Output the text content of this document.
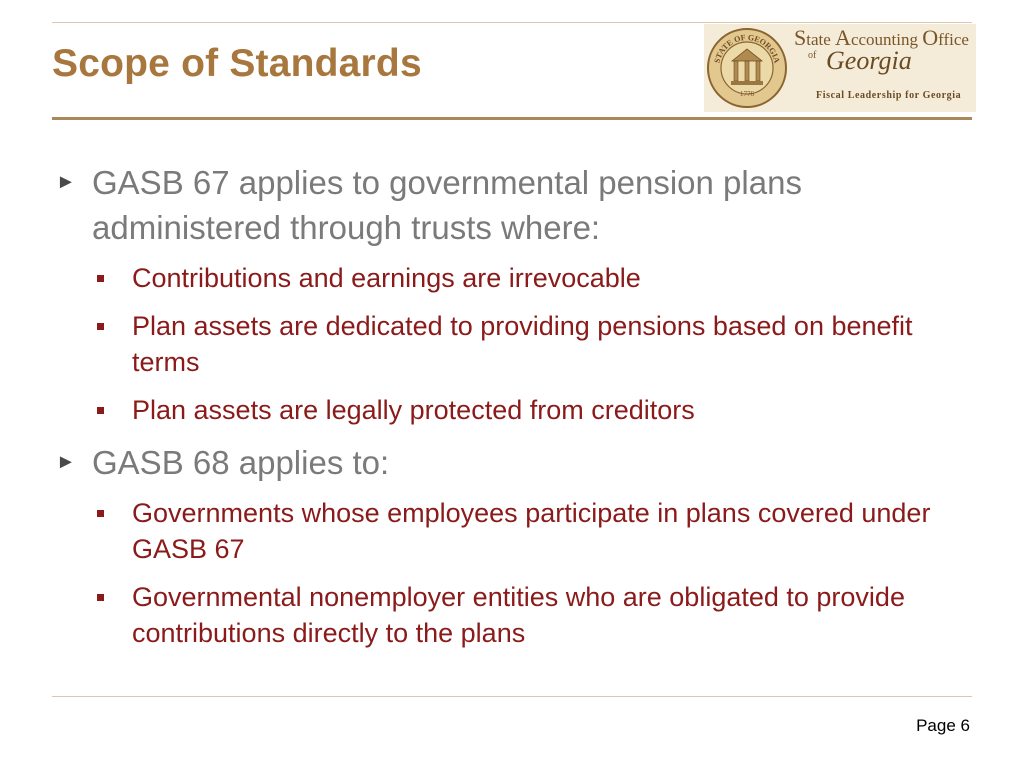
Scope of Standards	STATE OF GEORGIA
1776
State Accounting Office
of Georgia
Fiscal Leadership for Georgia

► GASB 67 applies to governmental pension plans administered through trusts where:

Contributions and earnings are irrevocable

Plan assets are dedicated to providing pensions based on benefit terms

Plan assets are legally protected from creditors

► GASB 68 applies to:

Governments whose employees participate in plans covered under GASB 67

Governmental nonemployer entities who are obligated to provide contributions directly to the plans

Page 6
